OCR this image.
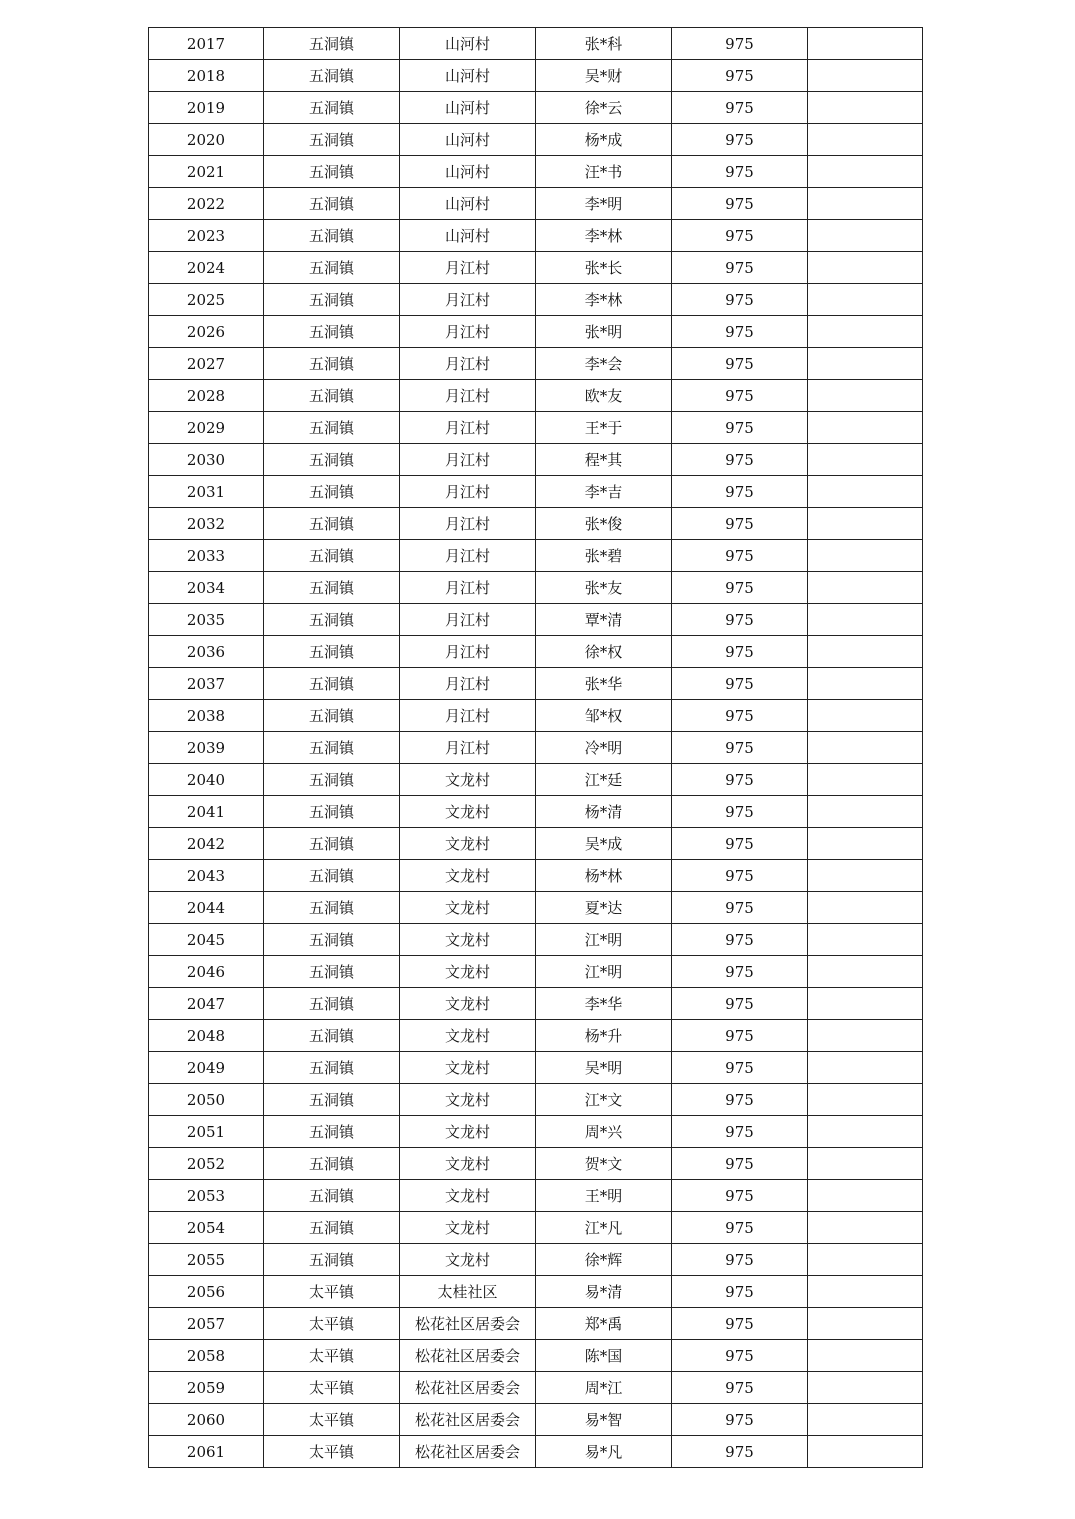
2017	五洞镇	山河村	张*科	975	
2018	五洞镇	山河村	吴*财	975	
2019	五洞镇	山河村	徐*云	975	
2020	五洞镇	山河村	杨*成	975	
2021	五洞镇	山河村	汪*书	975	
2022	五洞镇	山河村	李*明	975	
2023	五洞镇	山河村	李*林	975	
2024	五洞镇	月江村	张*长	975	
2025	五洞镇	月江村	李*林	975	
2026	五洞镇	月江村	张*明	975	
2027	五洞镇	月江村	李*会	975	
2028	五洞镇	月江村	欧*友	975	
2029	五洞镇	月江村	王*于	975	
2030	五洞镇	月江村	程*其	975	
2031	五洞镇	月江村	李*吉	975	
2032	五洞镇	月江村	张*俊	975	
2033	五洞镇	月江村	张*碧	975	
2034	五洞镇	月江村	张*友	975	
2035	五洞镇	月江村	覃*清	975	
2036	五洞镇	月江村	徐*权	975	
2037	五洞镇	月江村	张*华	975	
2038	五洞镇	月江村	邹*权	975	
2039	五洞镇	月江村	冷*明	975	
2040	五洞镇	文龙村	江*廷	975	
2041	五洞镇	文龙村	杨*清	975	
2042	五洞镇	文龙村	吴*成	975	
2043	五洞镇	文龙村	杨*林	975	
2044	五洞镇	文龙村	夏*达	975	
2045	五洞镇	文龙村	江*明	975	
2046	五洞镇	文龙村	江*明	975	
2047	五洞镇	文龙村	李*华	975	
2048	五洞镇	文龙村	杨*升	975	
2049	五洞镇	文龙村	吴*明	975	
2050	五洞镇	文龙村	江*文	975	
2051	五洞镇	文龙村	周*兴	975	
2052	五洞镇	文龙村	贺*文	975	
2053	五洞镇	文龙村	王*明	975	
2054	五洞镇	文龙村	江*凡	975	
2055	五洞镇	文龙村	徐*辉	975	
2056	太平镇	太桂社区	易*清	975	
2057	太平镇	松花社区居委会	郑*禹	975	
2058	太平镇	松花社区居委会	陈*国	975	
2059	太平镇	松花社区居委会	周*江	975	
2060	太平镇	松花社区居委会	易*智	975	
2061	太平镇	松花社区居委会	易*凡	975	
